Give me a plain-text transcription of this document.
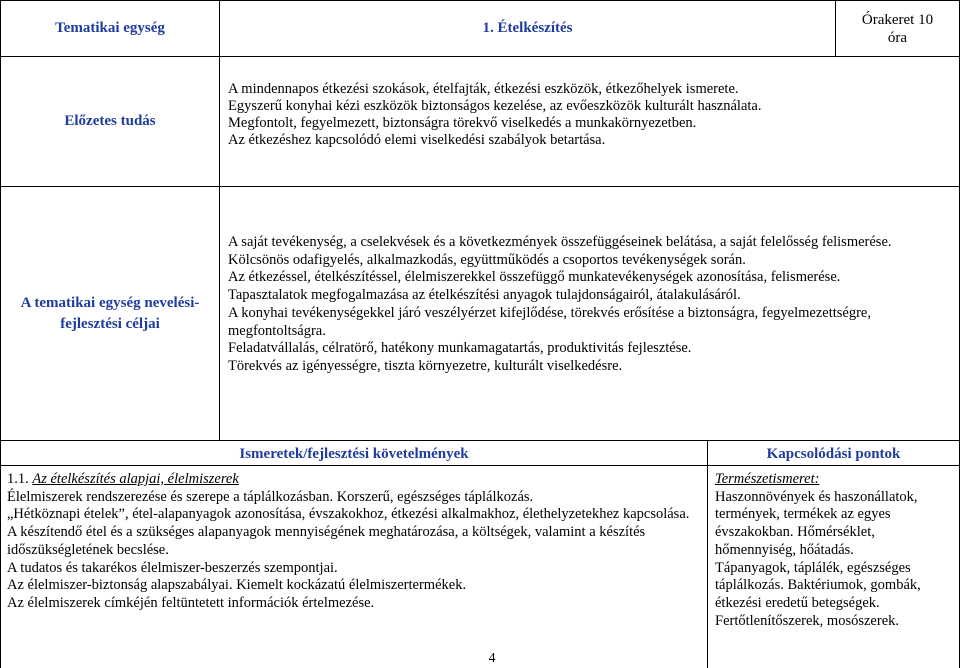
Tematikai egység	1. Ételkészítés
Órakeret 10
óra
Előzetes tudás

A mindennapos étkezési szokások, ételfajták, étkezési eszközök, étkezőhelyek ismerete.

Egyszerű konyhai kézi eszközök biztonságos kezelése, az evőeszközök kulturált használata.

Megfontolt, fegyelmezett, biztonságra törekvő viselkedés a munkakörnyezetben.

Az étkezéshez kapcsolódó elemi viselkedési szabályok betartása.

A tematikai egység nevelési-
fejlesztési céljai

A saját tevékenység, a cselekvések és a következmények összefüggéseinek belátása, a saját felelősség felismerése.

Kölcsönös odafigyelés, alkalmazkodás, együttműködés a csoportos tevékenységek során.

Az étkezéssel, ételkészítéssel, élelmiszerekkel összefüggő munkatevékenységek azonosítása, felismerése.

Tapasztalatok megfogalmazása az ételkészítési anyagok tulajdonságairól, átalakulásáról.

A konyhai tevékenységekkel járó veszélyérzet kifejlődése, törekvés erősítése a biztonságra, fegyelmezettségre, megfontoltságra.

Feladatvállalás, célratörő, hatékony munkamagatartás, produktivitás fejlesztése.

Törekvés az igényességre, tiszta környezetre, kulturált viselkedésre.

Ismeretek/fejlesztési követelmények	Kapcsolódási pontok

1.1. Az ételkészítés alapjai, élelmiszerek

Élelmiszerek rendszerezése és szerepe a táplálkozásban. Korszerű, egészséges táplálkozás.

„Hétköznapi ételek”, étel-alapanyagok azonosítása, évszakokhoz, étkezési alkalmakhoz, élethelyzetekhez kapcsolása.

A készítendő étel és a szükséges alapanyagok mennyiségének meghatározása, a költségek, valamint a készítés időszükségletének becslése.

A tudatos és takarékos élelmiszer-beszerzés szempontjai.

Az élelmiszer-biztonság alapszabályai. Kiemelt kockázatú élelmiszertermékek.

Az élelmiszerek címkéjén feltüntetett információk értelmezése.

Természetismeret:

Haszonnövények és haszonállatok, termények, termékek az egyes évszakokban. Hőmérséklet, hőmennyiség, hőátadás.

Tápanyagok, táplálék, egészséges táplálkozás. Baktériumok, gombák, étkezési eredetű betegségek.

Fertőtlenítőszerek, mosószerek.

4
